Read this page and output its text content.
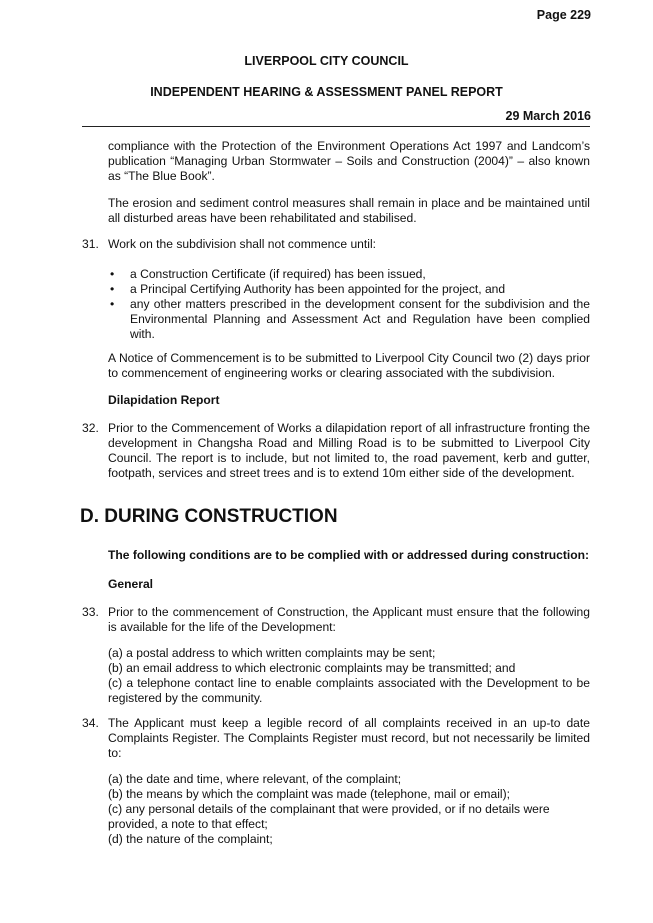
Page 229
LIVERPOOL CITY COUNCIL
INDEPENDENT HEARING & ASSESSMENT PANEL REPORT
29 March 2016

compliance with the Protection of the Environment Operations Act 1997 and Landcom’s publication “Managing Urban Stormwater – Soils and Construction (2004)” – also known as “The Blue Book”.

The erosion and sediment control measures shall remain in place and be maintained until all disturbed areas have been rehabilitated and stabilised.

31. Work on the subdivision shall not commence until:

• a Construction Certificate (if required) has been issued,
• a Principal Certifying Authority has been appointed for the project, and
• any other matters prescribed in the development consent for the subdivision and the Environmental Planning and Assessment Act and Regulation have been complied with.

A Notice of Commencement is to be submitted to Liverpool City Council two (2) days prior to commencement of engineering works or clearing associated with the subdivision.

Dilapidation Report
32. Prior to the Commencement of Works a dilapidation report of all infrastructure fronting the development in Changsha Road and Milling Road is to be submitted to Liverpool City Council. The report is to include, but not limited to, the road pavement, kerb and gutter, footpath, services and street trees and is to extend 10m either side of the development.

D. DURING CONSTRUCTION
The following conditions are to be complied with or addressed during construction:
General
33. Prior to the commencement of Construction, the Applicant must ensure that the following is available for the life of the Development:

(a) a postal address to which written complaints may be sent;
(b) an email address to which electronic complaints may be transmitted; and
(c) a telephone contact line to enable complaints associated with the Development to be registered by the community.
34. The Applicant must keep a legible record of all complaints received in an up-to date Complaints Register. The Complaints Register must record, but not necessarily be limited to:

(a) the date and time, where relevant, of the complaint;
(b) the means by which the complaint was made (telephone, mail or email);
(c) any personal details of the complainant that were provided, or if no details were provided, a note to that effect;
(d) the nature of the complaint;
